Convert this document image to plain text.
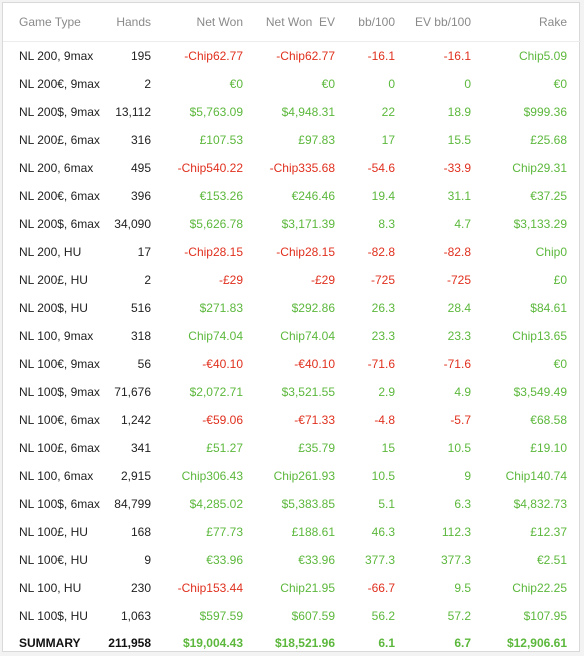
Game Type	Hands	Net Won	Net Won  EV	bb/100	EV bb/100	Rake
NL 200, 9max	195	-Chip62.77	-Chip62.77	-16.1	-16.1	Chip5.09
NL 200€, 9max	2	€0	€0	0	0	€0
NL 200$, 9max	13,112	$5,763.09	$4,948.31	22	18.9	$999.36
NL 200£, 6max	316	£107.53	£97.83	17	15.5	£25.68
NL 200, 6max	495	-Chip540.22	-Chip335.68	-54.6	-33.9	Chip29.31
NL 200€, 6max	396	€153.26	€246.46	19.4	31.1	€37.25
NL 200$, 6max	34,090	$5,626.78	$3,171.39	8.3	4.7	$3,133.29
NL 200, HU	17	-Chip28.15	-Chip28.15	-82.8	-82.8	Chip0
NL 200£, HU	2	-£29	-£29	-725	-725	£0
NL 200$, HU	516	$271.83	$292.86	26.3	28.4	$84.61
NL 100, 9max	318	Chip74.04	Chip74.04	23.3	23.3	Chip13.65
NL 100€, 9max	56	-€40.10	-€40.10	-71.6	-71.6	€0
NL 100$, 9max	71,676	$2,072.71	$3,521.55	2.9	4.9	$3,549.49
NL 100€, 6max	1,242	-€59.06	-€71.33	-4.8	-5.7	€68.58
NL 100£, 6max	341	£51.27	£35.79	15	10.5	£19.10
NL 100, 6max	2,915	Chip306.43	Chip261.93	10.5	9	Chip140.74
NL 100$, 6max	84,799	$4,285.02	$5,383.85	5.1	6.3	$4,832.73
NL 100£, HU	168	£77.73	£188.61	46.3	112.3	£12.37
NL 100€, HU	9	€33.96	€33.96	377.3	377.3	€2.51
NL 100, HU	230	-Chip153.44	Chip21.95	-66.7	9.5	Chip22.25
NL 100$, HU	1,063	$597.59	$607.59	56.2	57.2	$107.95
SUMMARY	211,958	$19,004.43	$18,521.96	6.1	6.7	$12,906.61
